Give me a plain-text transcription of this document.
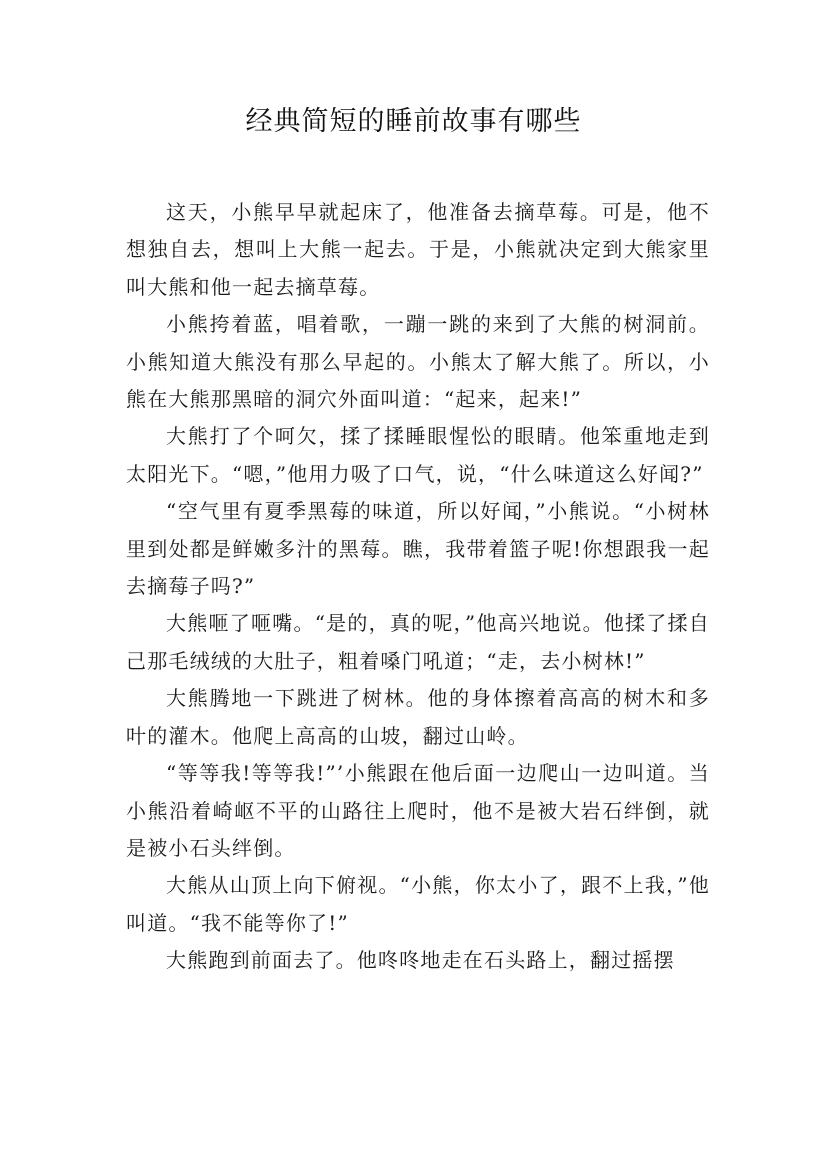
经典简短的睡前故事有哪些

这天，小熊早早就起床了，他准备去摘草莓。可是，他不想独自去，想叫上大熊一起去。于是，小熊就决定到大熊家里叫大熊和他一起去摘草莓。

小熊挎着蓝，唱着歌，一蹦一跳的来到了大熊的树洞前。小熊知道大熊没有那么早起的。小熊太了解大熊了。所以，小熊在大熊那黑暗的洞穴外面叫道：“起来，起来!”

大熊打了个呵欠，揉了揉睡眼惺忪的眼睛。他笨重地走到太阳光下。“嗯，”他用力吸了口气，说，“什么味道这么好闻?”

“空气里有夏季黑莓的味道，所以好闻，”小熊说。“小树林里到处都是鲜嫩多汁的黑莓。瞧，我带着篮子呢!你想跟我一起去摘莓子吗?”

大熊咂了咂嘴。“是的，真的呢，”他高兴地说。他揉了揉自己那毛绒绒的大肚子，粗着嗓门吼道；“走，去小树林!”

大熊腾地一下跳进了树林。他的身体擦着高高的树木和多叶的灌木。他爬上高高的山坡，翻过山岭。

“等等我!等等我!”’小熊跟在他后面一边爬山一边叫道。当小熊沿着崎岖不平的山路往上爬时，他不是被大岩石绊倒，就是被小石头绊倒。

大熊从山顶上向下俯视。“小熊，你太小了，跟不上我，”他叫道。“我不能等你了!”

大熊跑到前面去了。他咚咚地走在石头路上，翻过摇摆
